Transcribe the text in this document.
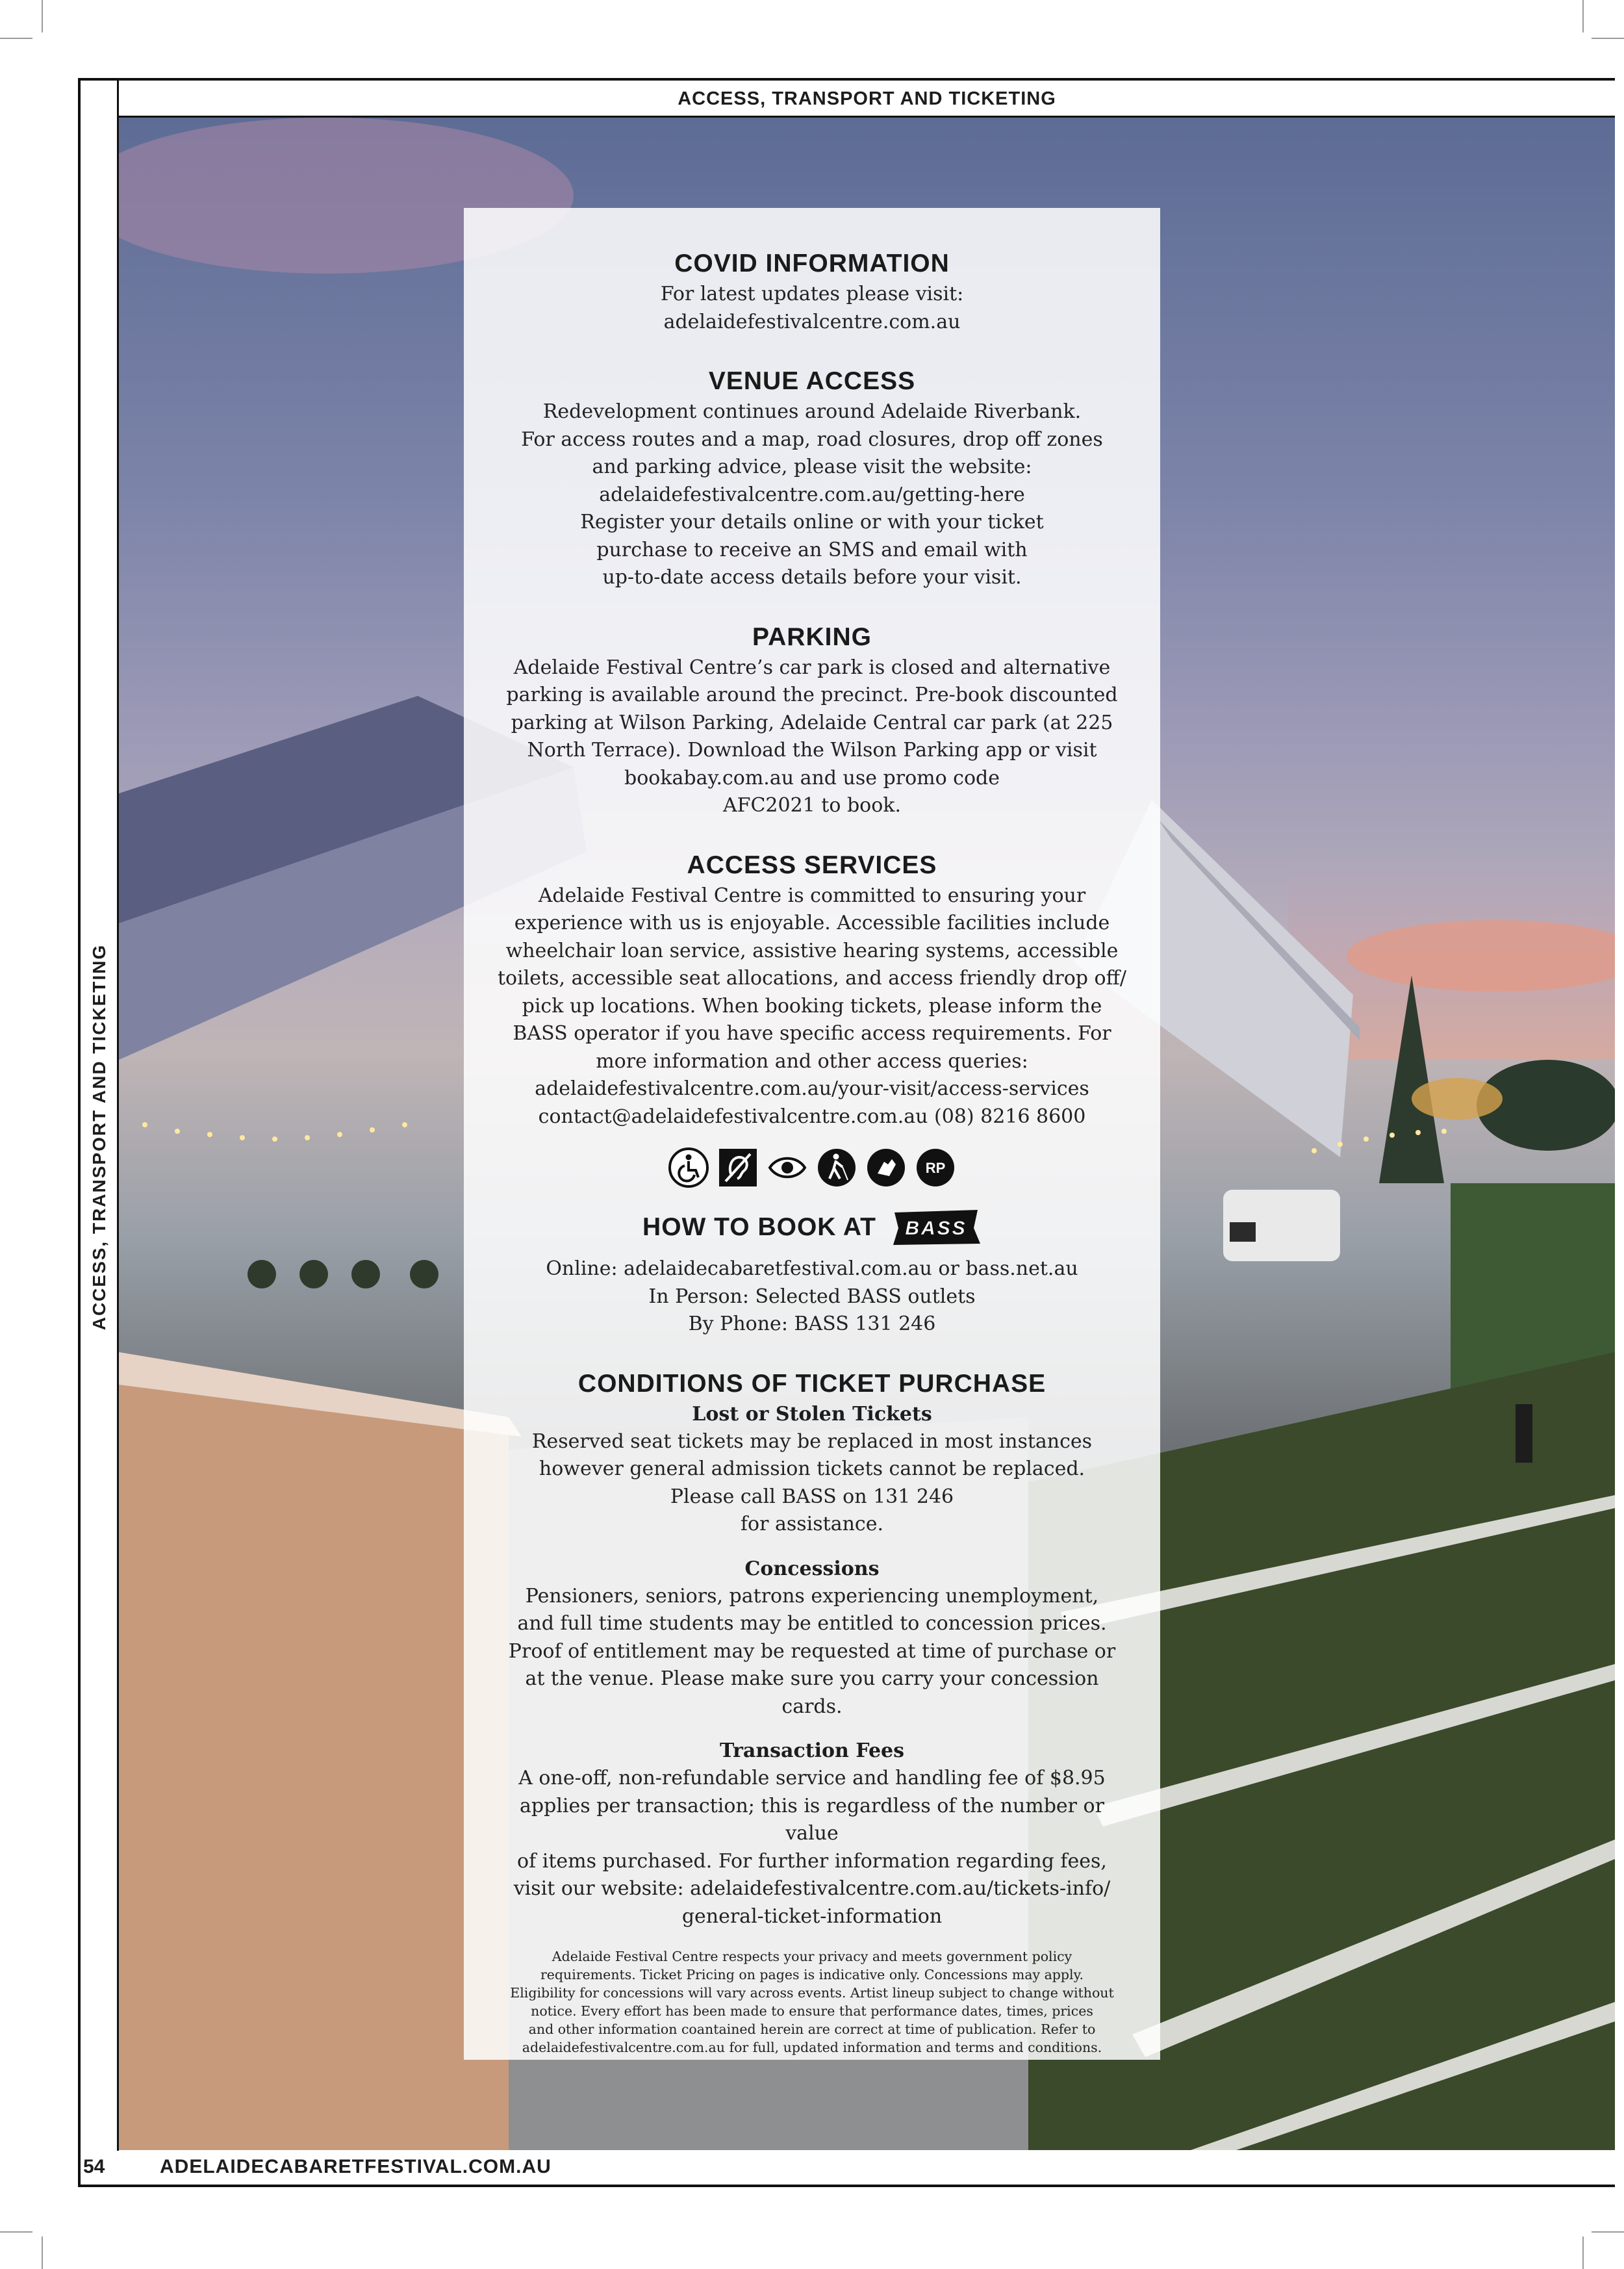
ACCESS, TRANSPORT AND TICKETING
ACCESS, TRANSPORT AND TICKETING
54	ADELAIDECABARETFESTIVAL.COM.AU
COVID INFORMATION

For latest updates please visit:

adelaidefestivalcentre.com.au

VENUE ACCESS

Redevelopment continues around Adelaide Riverbank.

For access routes and a map, road closures, drop off zones

and parking advice, please visit the website:

adelaidefestivalcentre.com.au/getting-here

Register your details online or with your ticket

purchase to receive an SMS and email with

up-to-date access details before your visit.

PARKING

Adelaide Festival Centre’s car park is closed and alternative

parking is available around the precinct. Pre-book discounted

parking at Wilson Parking, Adelaide Central car park (at 225

North Terrace). Download the Wilson Parking app or visit

bookabay.com.au and use promo code

AFC2021 to book.

ACCESS SERVICES

Adelaide Festival Centre is committed to ensuring your

experience with us is enjoyable. Accessible facilities include

wheelchair loan service, assistive hearing systems, accessible

toilets, accessible seat allocations, and access friendly drop off/

pick up locations. When booking tickets, please inform the

BASS operator if you have specific access requirements. For

more information and other access queries:

adelaidefestivalcentre.com.au/your-visit/access-services

contact@adelaidefestivalcentre.com.au (08) 8216 8600

RP
HOW TO BOOK AT BASS

Online: adelaidecabaretfestival.com.au or bass.net.au

In Person: Selected BASS outlets

By Phone: BASS 131 246

CONDITIONS OF TICKET PURCHASE

Lost or Stolen Tickets

Reserved seat tickets may be replaced in most instances

however general admission tickets cannot be replaced.

Please call BASS on 131 246

for assistance.

Concessions

Pensioners, seniors, patrons experiencing unemployment,

and full time students may be entitled to concession prices.

Proof of entitlement may be requested at time of purchase or

at the venue. Please make sure you carry your concession cards.

Transaction Fees

A one-off, non-refundable service and handling fee of $8.95

applies per transaction; this is regardless of the number or value

of items purchased. For further information regarding fees,

visit our website: adelaidefestivalcentre.com.au/tickets-info/

general-ticket-information

Adelaide Festival Centre respects your privacy and meets government policy

requirements. Ticket Pricing on pages is indicative only. Concessions may apply.

Eligibility for concessions will vary across events. Artist lineup subject to change without

notice. Every effort has been made to ensure that performance dates, times, prices

and other information coantained herein are correct at time of publication. Refer to

adelaidefestivalcentre.com.au for full, updated information and terms and conditions.
